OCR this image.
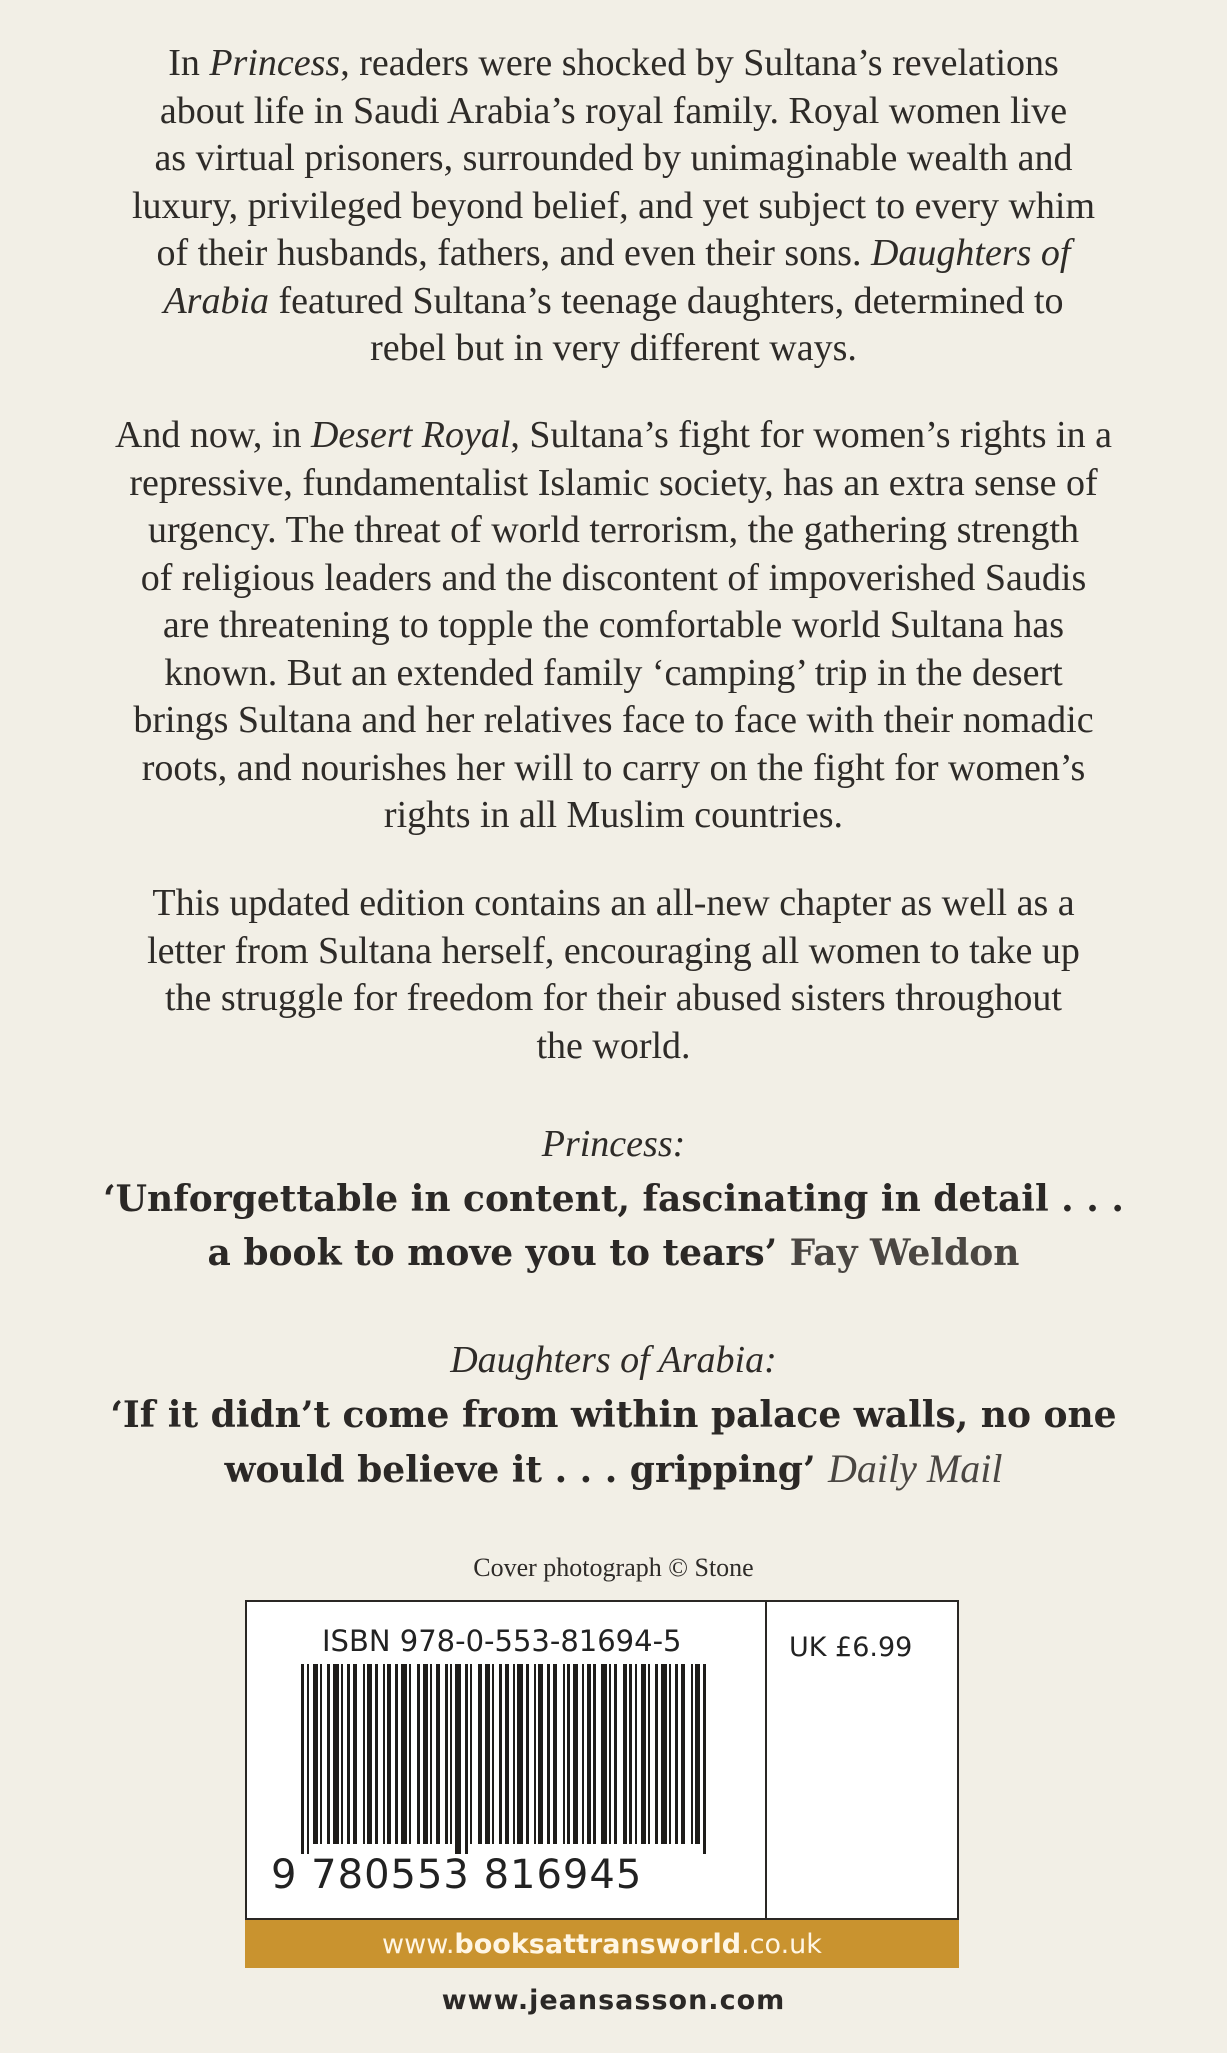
In Princess, readers were shocked by Sultana’s revelations
about life in Saudi Arabia’s royal family. Royal women live
as virtual prisoners, surrounded by unimaginable wealth and
luxury, privileged beyond belief, and yet subject to every whim
of their husbands, fathers, and even their sons. Daughters of
Arabia featured Sultana’s teenage daughters, determined to
rebel but in very different ways.
And now, in Desert Royal, Sultana’s fight for women’s rights in a
repressive, fundamentalist Islamic society, has an extra sense of
urgency. The threat of world terrorism, the gathering strength
of religious leaders and the discontent of impoverished Saudis
are threatening to topple the comfortable world Sultana has
known. But an extended family ‘camping’ trip in the desert
brings Sultana and her relatives face to face with their nomadic
roots, and nourishes her will to carry on the fight for women’s
rights in all Muslim countries.
This updated edition contains an all-new chapter as well as a
letter from Sultana herself, encouraging all women to take up
the struggle for freedom for their abused sisters throughout
the world.
Princess:
‘Unforgettable in content, fascinating in detail . . .
a book to move you to tears’ Fay Weldon
Daughters of Arabia:
‘If it didn’t come from within palace walls, no one
would believe it . . . gripping’ Daily Mail
Cover photograph © Stone
ISBN 978-0-553-81694-5
9 780553 816945
UK £6.99
www. booksattransworld .co.uk
www.jeansasson.com
